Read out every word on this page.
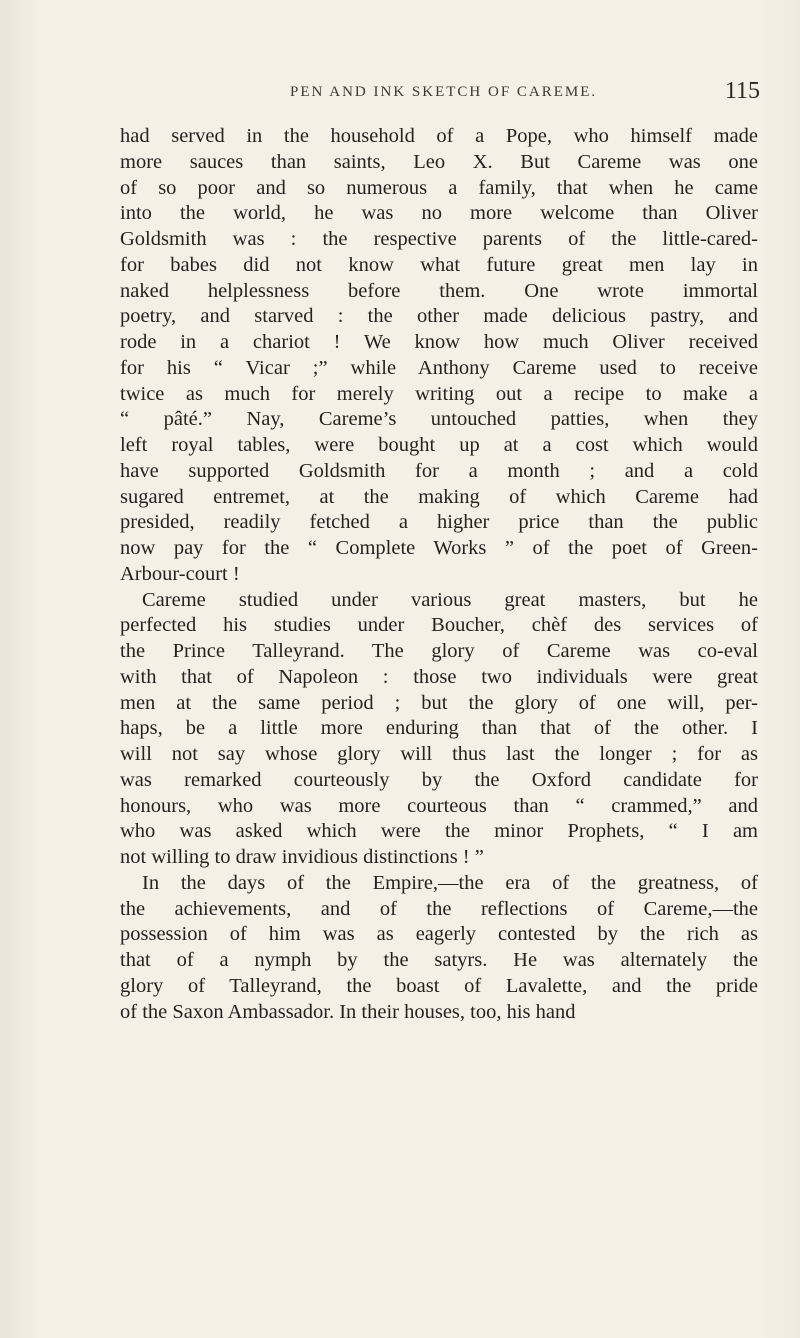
PEN AND INK SKETCH OF CAREME.	115
had served in the household of a Pope, who himself made
more sauces than saints, Leo X. But Careme was one
of so poor and so numerous a family, that when he came
into the world, he was no more welcome than Oliver
Goldsmith was : the respective parents of the little-cared-
for babes did not know what future great men lay in
naked helplessness before them. One wrote immortal
poetry, and starved : the other made delicious pastry, and
rode in a chariot ! We know how much Oliver received
for his “ Vicar ;” while Anthony Careme used to receive
twice as much for merely writing out a recipe to make a
“ pâté.” Nay, Careme’s untouched patties, when they
left royal tables, were bought up at a cost which would
have supported Goldsmith for a month ; and a cold
sugared entremet, at the making of which Careme had
presided, readily fetched a higher price than the public
now pay for the “ Complete Works ” of the poet of Green-
Arbour-court !
Careme studied under various great masters, but he
perfected his studies under Boucher, chèf des services of
the Prince Talleyrand. The glory of Careme was co-eval
with that of Napoleon : those two individuals were great
men at the same period ; but the glory of one will, per-
haps, be a little more enduring than that of the other. I
will not say whose glory will thus last the longer ; for as
was remarked courteously by the Oxford candidate for
honours, who was more courteous than “ crammed,” and
who was asked which were the minor Prophets, “ I am
not willing to draw invidious distinctions ! ”
In the days of the Empire,—the era of the greatness, of
the achievements, and of the reflections of Careme,—the
possession of him was as eagerly contested by the rich as
that of a nymph by the satyrs. He was alternately the
glory of Talleyrand, the boast of Lavalette, and the pride
of the Saxon Ambassador. In their houses, too, his hand
